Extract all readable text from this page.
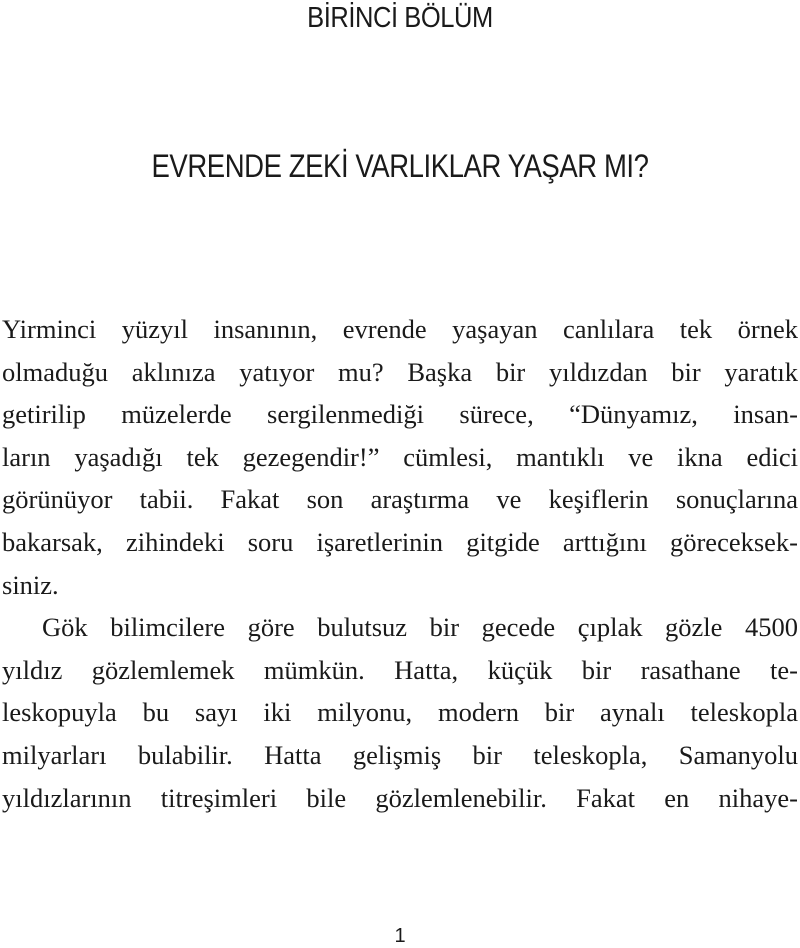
BİRİNCİ BÖLÜM
EVRENDE ZEKİ VARLIKLAR YAŞAR MI?

Yirminci yüzyıl insanının, evrende yaşayan canlılara tek örnek
olmaduğu aklınıza yatıyor mu? Başka bir yıldızdan bir yaratık
getirilip müzelerde sergilenmediği sürece, “Dünyamız, insan-
ların yaşadığı tek gezegendir!” cümlesi, mantıklı ve ikna edici
görünüyor tabii. Fakat son araştırma ve keşiflerin sonuçlarına
bakarsak, zihindeki soru işaretlerinin gitgide arttığını göreceksek-
siniz.

Gök bilimcilere göre bulutsuz bir gecede çıplak gözle 4500
yıldız gözlemlemek mümkün. Hatta, küçük bir rasathane te-
leskopuyla bu sayı iki milyonu, modern bir aynalı teleskopla
milyarları bulabilir. Hatta gelişmiş bir teleskopla, Samanyolu
yıldızlarının titreşimleri bile gözlemlenebilir. Fakat en nihaye-

1
